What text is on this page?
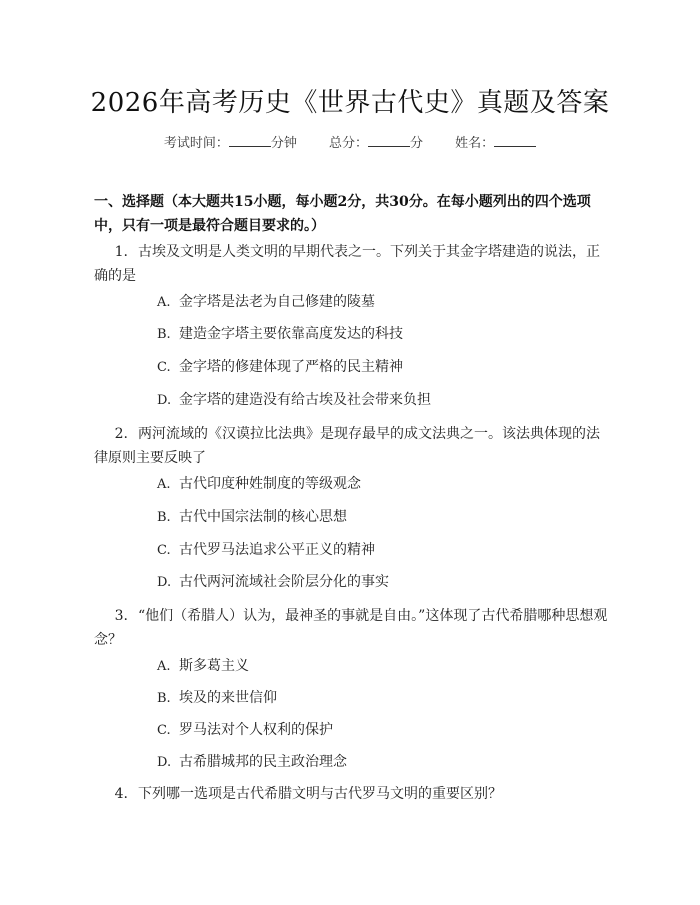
2026年高考历史《世界古代史》真题及答案
考试时间：	分钟 总分：	分 姓名：
一、选择题（本大题共15小题，每小题2分，共30分。在每小题列出的四个选项中，只有一项是最符合题目要求的。）
1. 古埃及文明是人类文明的早期代表之一。下列关于其金字塔建造的说法，正确的是
A. 金字塔是法老为自己修建的陵墓
B. 建造金字塔主要依靠高度发达的科技
C. 金字塔的修建体现了严格的民主精神
D. 金字塔的建造没有给古埃及社会带来负担
2. 两河流域的《汉谟拉比法典》是现存最早的成文法典之一。该法典体现的法律原则主要反映了
A. 古代印度种姓制度的等级观念
B. 古代中国宗法制的核心思想
C. 古代罗马法追求公平正义的精神
D. 古代两河流域社会阶层分化的事实
3. “他们（希腊人）认为，最神圣的事就是自由。”这体现了古代希腊哪种思想观念？
A. 斯多葛主义
B. 埃及的来世信仰
C. 罗马法对个人权利的保护
D. 古希腊城邦的民主政治理念
4. 下列哪一选项是古代希腊文明与古代罗马文明的重要区别？
